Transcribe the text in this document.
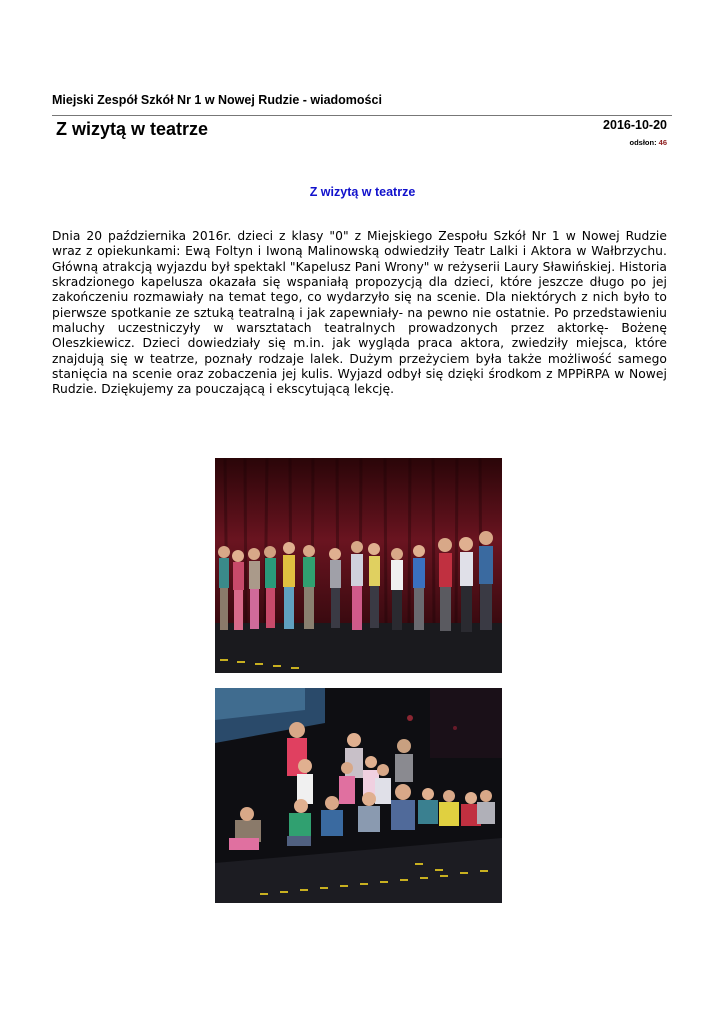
Miejski Zespół Szkół Nr 1 w Nowej Rudzie - wiadomości
Z wizytą w teatrze	2016-10-20
odsłon: 46
Z wizytą w teatrze
Dnia 20 października 2016r. dzieci z klasy "0" z Miejskiego Zespołu Szkół Nr 1 w Nowej Rudzie wraz z opiekunkami: Ewą Foltyn i Iwoną Malinowską odwiedziły Teatr Lalki i Aktora w Wałbrzychu. Główną atrakcją wyjazdu był spektakl "Kapelusz Pani Wrony" w reżyserii Laury Sławińskiej. Historia skradzionego kapelusza okazała się wspaniałą propozycją dla dzieci, które jeszcze długo po jej zakończeniu rozmawiały na temat tego, co wydarzyło się na scenie. Dla niektórych z nich było to pierwsze spotkanie ze sztuką teatralną i jak zapewniały- na pewno nie ostatnie. Po przedstawieniu maluchy uczestniczyły w warsztatach teatralnych prowadzonych przez aktorkę- Bożenę Oleszkiewicz. Dzieci dowiedziały się m.in. jak wygląda praca aktora, zwiedziły miejsca, które znajdują się w teatrze, poznały rodzaje lalek. Dużym przeżyciem była także możliwość samego stanięcia na scenie oraz zobaczenia jej kulis. Wyjazd odbył się dzięki środkom z MPPiRPA w Nowej Rudzie. Dziękujemy za pouczającą i ekscytującą lekcję.
